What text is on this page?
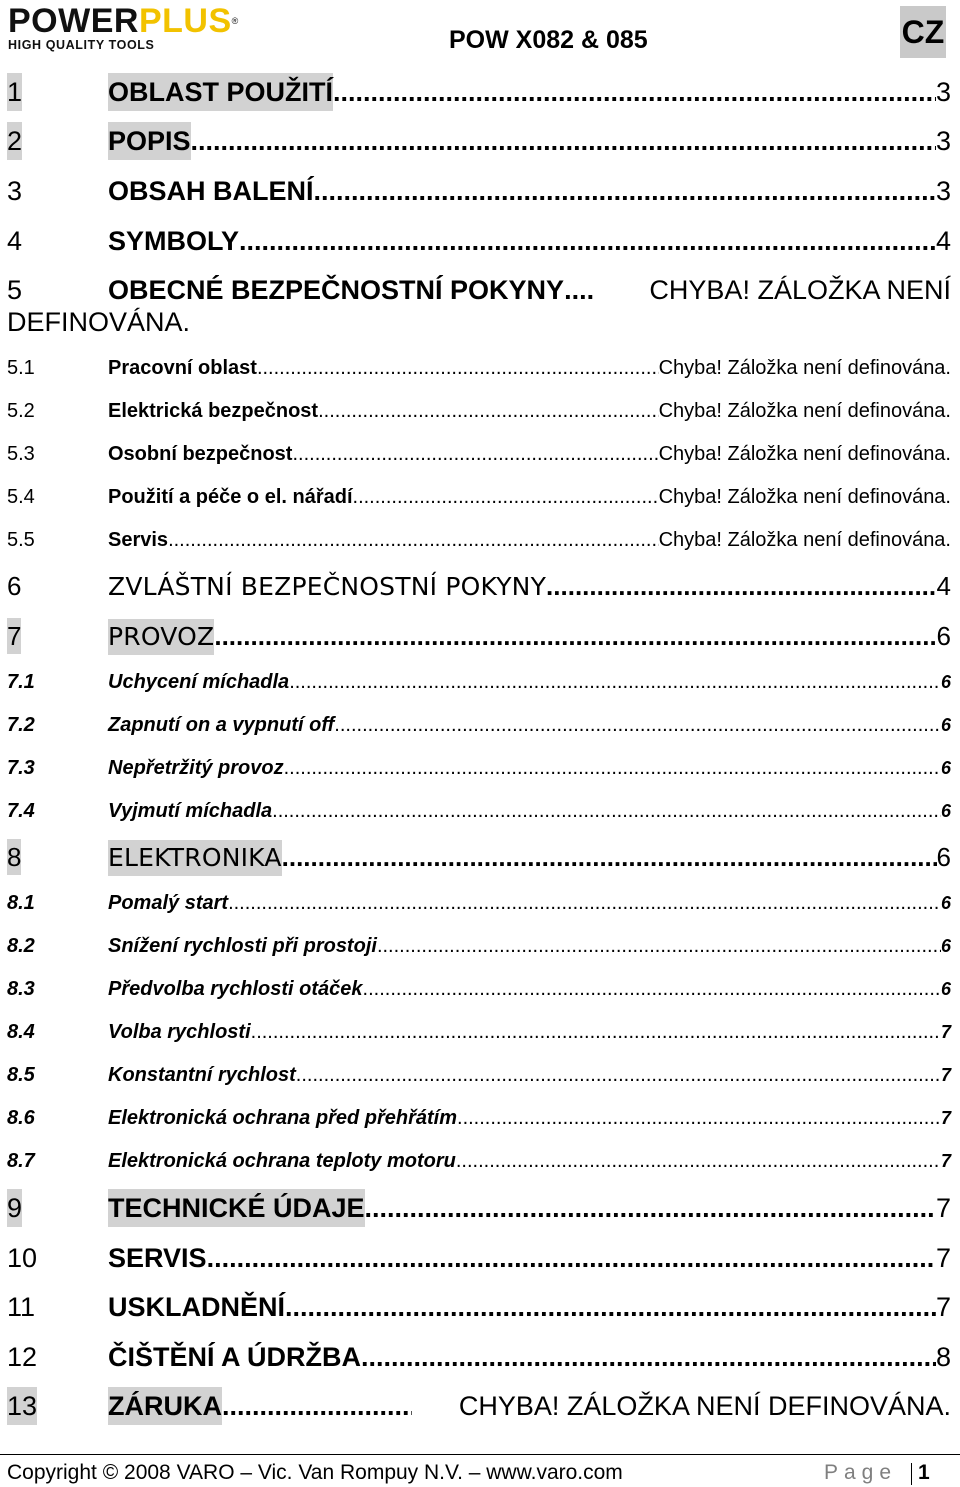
POWERPLUS®
HIGH QUALITY TOOLS	POW X082 & 085	CZ
1	OBLAST POUŽITÍ .....	3
2	POPIS .....	3
3	OBSAH BALENÍ .....	3
4	SYMBOLY .....	4
5	OBECNÉ BEZPEČNOSTNÍ POKYNY .....	CHYBA! ZÁLOŽKA NENÍ
DEFINOVÁNA.
5.1	Pracovní oblast .....	Chyba! Záložka není definována.
5.2	Elektrická bezpečnost .....	Chyba! Záložka není definována.
5.3	Osobní bezpečnost .....	Chyba! Záložka není definována.
5.4	Použití a péče o el. nářadí .....	Chyba! Záložka není definována.
5.5	Servis .....	Chyba! Záložka není definována.
6	ZVLÁŠTNÍ BEZPEČNOSTNÍ POKYNY .....	4
7	PROVOZ .....	6
7.1	Uchycení míchadla .....	6
7.2	Zapnutí on a vypnutí off .....	6
7.3	Nepřetržitý provoz .....	6
7.4	Vyjmutí míchadla .....	6
8	ELEKTRONIKA .....	6
8.1	Pomalý start .....	6
8.2	Snížení rychlosti při prostoji .....	6
8.3	Předvolba rychlosti otáček .....	6
8.4	Volba rychlosti .....	7
8.5	Konstantní rychlost .....	7
8.6	Elektronická ochrana před přehřátím .....	7
8.7	Elektronická ochrana teploty motoru .....	7
9	TECHNICKÉ ÚDAJE .....	7
10	SERVIS .....	7
11	USKLADNĚNÍ .....	7
12	ČIŠTĚNÍ A ÚDRŽBA .....	8
13	ZÁRUKA .....	CHYBA! ZÁLOŽKA NENÍ DEFINOVÁNA.
Copyright © 2008 VARO – Vic. Van Rompuy N.V. – www.varo.com	Page 1
